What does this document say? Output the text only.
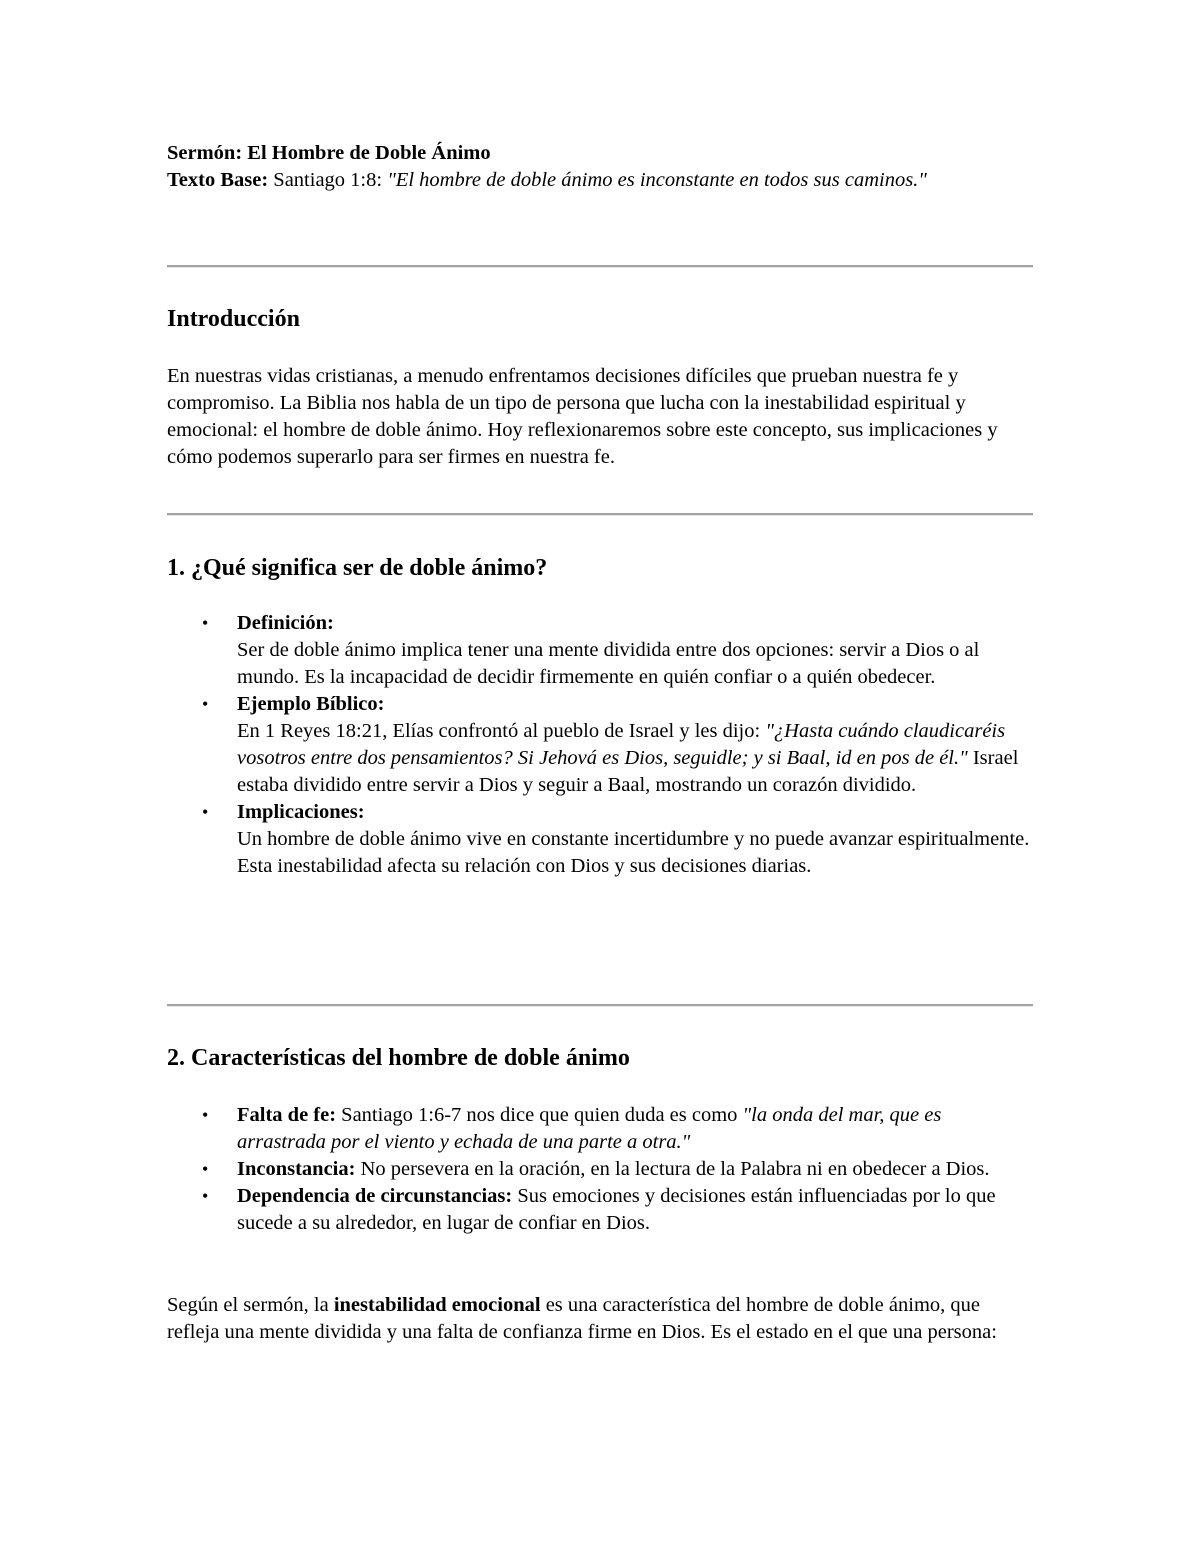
Sermón: El Hombre de Doble Ánimo

Texto Base: Santiago 1:8: "El hombre de doble ánimo es inconstante en todos sus caminos."

Introducción

En nuestras vidas cristianas, a menudo enfrentamos decisiones difíciles que prueban nuestra fe y compromiso. La Biblia nos habla de un tipo de persona que lucha con la inestabilidad espiritual y emocional: el hombre de doble ánimo. Hoy reflexionaremos sobre este concepto, sus implicaciones y cómo podemos superarlo para ser firmes en nuestra fe.

1. ¿Qué significa ser de doble ánimo?
• Definición:
Ser de doble ánimo implica tener una mente dividida entre dos opciones: servir a Dios o al mundo. Es la incapacidad de decidir firmemente en quién confiar o a quién obedecer.
• Ejemplo Bíblico:
En 1 Reyes 18:21, Elías confrontó al pueblo de Israel y les dijo: "¿Hasta cuándo claudicaréis vosotros entre dos pensamientos? Si Jehová es Dios, seguidle; y si Baal, id en pos de él." Israel estaba dividido entre servir a Dios y seguir a Baal, mostrando un corazón dividido.
• Implicaciones:
Un hombre de doble ánimo vive en constante incertidumbre y no puede avanzar espiritualmente. Esta inestabilidad afecta su relación con Dios y sus decisiones diarias.
2. Características del hombre de doble ánimo
• Falta de fe: Santiago 1:6-7 nos dice que quien duda es como "la onda del mar, que es arrastrada por el viento y echada de una parte a otra."
• Inconstancia: No persevera en la oración, en la lectura de la Palabra ni en obedecer a Dios.
• Dependencia de circunstancias: Sus emociones y decisiones están influenciadas por lo que sucede a su alrededor, en lugar de confiar en Dios.

Según el sermón, la inestabilidad emocional es una característica del hombre de doble ánimo, que refleja una mente dividida y una falta de confianza firme en Dios. Es el estado en el que una persona:
